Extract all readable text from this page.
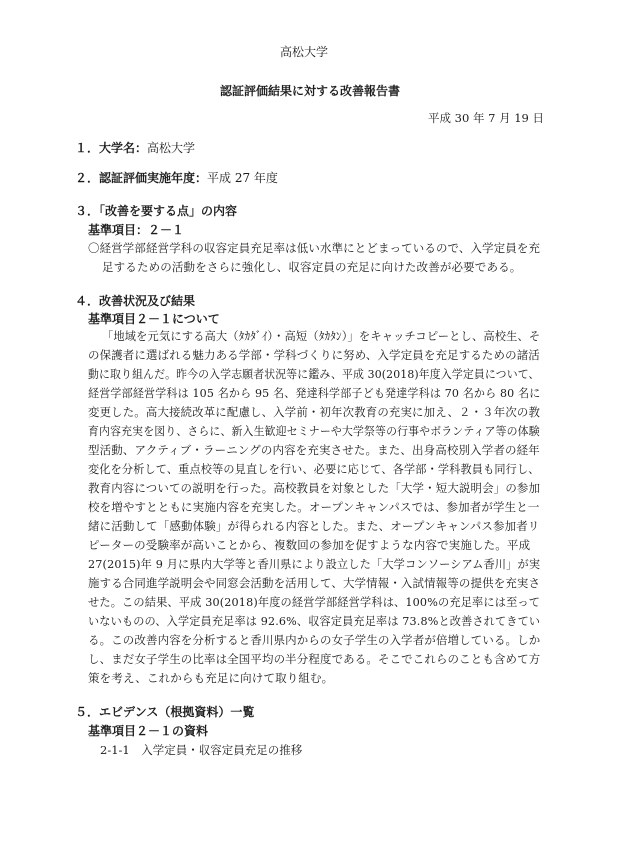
高松大学
認証評価結果に対する改善報告書
平成 30 年 7 月 19 日
１．大学名：高松大学
２．認証評価実施年度：平成 27 年度
３．「改善を要する点」の内容
基準項目：２－１
〇経営学部経営学科の収容定員充足率は低い水準にとどまっているので、入学定員を充
足するための活動をさらに強化し、収容定員の充足に向けた改善が必要である。
４．改善状況及び結果
基準項目２－１について
「地域を元気にする高大（ﾀｶﾀﾞｲ）・高短（ﾀｶﾀﾝ）」をキャッチコピーとし、高校生、そ
の保護者に選ばれる魅力ある学部・学科づくりに努め、入学定員を充足するための諸活
動に取り組んだ。昨今の入学志願者状況等に鑑み、平成 30(2018)年度入学定員について、
経営学部経営学科は 105 名から 95 名、発達科学部子ども発達学科は 70 名から 80 名に
変更した。高大接続改革に配慮し、入学前・初年次教育の充実に加え、２・３年次の教
育内容充実を図り、さらに、新入生歓迎セミナーや大学祭等の行事やボランティア等の体験
型活動、アクティブ・ラーニングの内容を充実させた。また、出身高校別入学者の経年
変化を分析して、重点校等の見直しを行い、必要に応じて、各学部・学科教員も同行し、
教育内容についての説明を行った。高校教員を対象とした「大学・短大説明会」の参加
校を増やすとともに実施内容を充実した。オープンキャンパスでは、参加者が学生と一
緒に活動して「感動体験」が得られる内容とした。また、オープンキャンパス参加者リ
ピーターの受験率が高いことから、複数回の参加を促すような内容で実施した。平成
27(2015)年 9 月に県内大学等と香川県により設立した「大学コンソーシアム香川」が実
施する合同進学説明会や同窓会活動を活用して、大学情報・入試情報等の提供を充実さ
せた。この結果、平成 30(2018)年度の経営学部経営学科は、100%の充足率には至って
いないものの、入学定員充足率は 92.6%、収容定員充足率は 73.8%と改善されてきてい
る。この改善内容を分析すると香川県内からの女子学生の入学者が倍増している。しか
し、まだ女子学生の比率は全国平均の半分程度である。そこでこれらのことも含めて方
策を考え、これからも充足に向けて取り組む。
５．エビデンス（根拠資料）一覧
基準項目２－１の資料
2-1-1　入学定員・収容定員充足の推移
